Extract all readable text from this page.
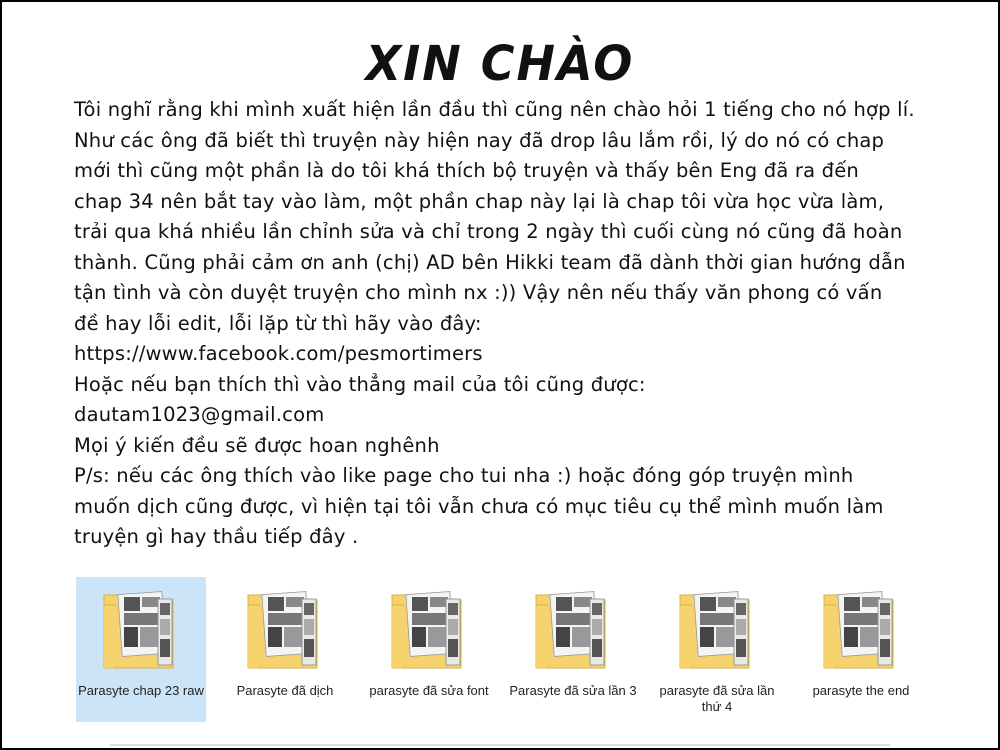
XIN CHÀO
Tôi nghĩ rằng khi mình xuất hiện lần đầu thì cũng nên chào hỏi 1 tiếng cho nó hợp lí.
Như các ông đã biết thì truyện này hiện nay đã drop lâu lắm rồi, lý do nó có chap
mới thì cũng một phần là do tôi khá thích bộ truyện và thấy bên Eng đã ra đến
chap 34 nên bắt tay vào làm, một phần chap này lại là chap tôi vừa học vừa làm,
trải qua khá nhiều lần chỉnh sửa và chỉ trong 2 ngày thì cuối cùng nó cũng đã hoàn
thành. Cũng phải cảm ơn anh (chị) AD bên Hikki team đã dành thời gian hướng dẫn
tận tình và còn duyệt truyện cho mình nx :)) Vậy nên nếu thấy văn phong có vấn
đề hay lỗi edit, lỗi lặp từ thì hãy vào đây:
https://www.facebook.com/pesmortimers
Hoặc nếu bạn thích thì vào thẳng mail của tôi cũng được:
dautam1023@gmail.com
Mọi ý kiến đều sẽ được hoan nghênh
P/s: nếu các ông thích vào like page cho tui nha :) hoặc đóng góp truyện mình
muốn dịch cũng được, vì hiện tại tôi vẫn chưa có mục tiêu cụ thể mình muốn làm
truyện gì hay thầu tiếp đây .
Parasyte chap 23 raw	Parasyte đã dịch	parasyte đã sửa font	Parasyte đã sửa lần 3	parasyte đã sửa lần thứ 4
parasyte the end
